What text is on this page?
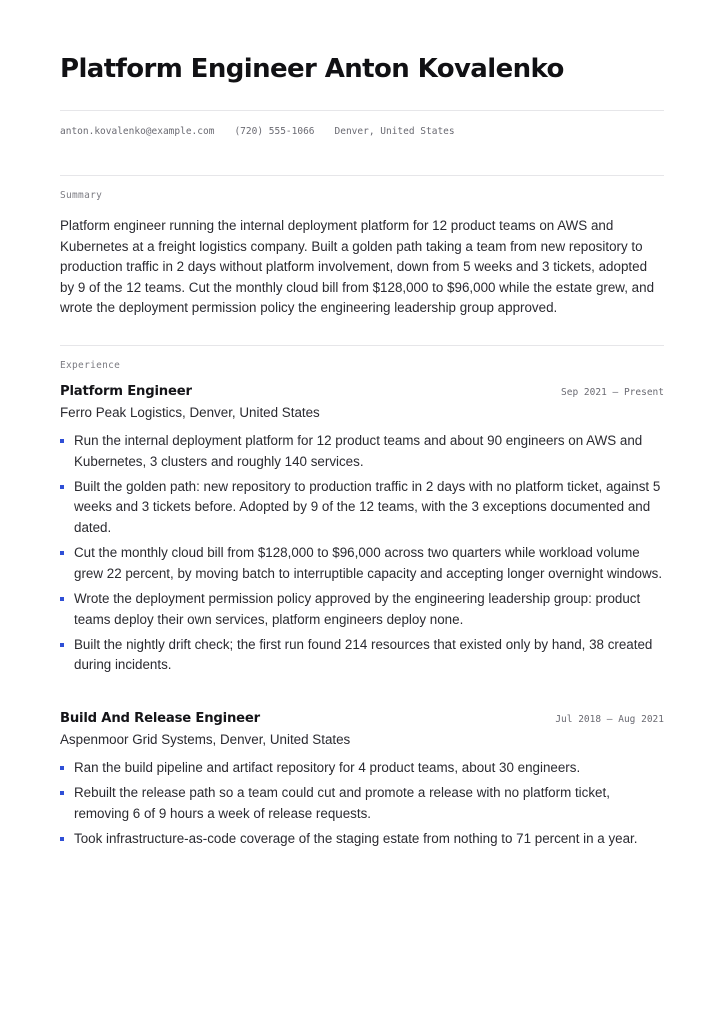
Platform Engineer Anton Kovalenko
anton.kovalenko@example.com (720) 555-1066 Denver, United States
Summary

Platform engineer running the internal deployment platform for 12 product teams on AWS and Kubernetes at a freight logistics company. Built a golden path taking a team from new repository to production traffic in 2 days without platform involvement, down from 5 weeks and 3 tickets, adopted by 9 of the 12 teams. Cut the monthly cloud bill from $128,000 to $96,000 while the estate grew, and wrote the deployment permission policy the engineering leadership group approved.

Experience
Platform Engineer	Sep 2021 — Present
Ferro Peak Logistics, Denver, United States
Run the internal deployment platform for 12 product teams and about 90 engineers on AWS and Kubernetes, 3 clusters and roughly 140 services.
Built the golden path: new repository to production traffic in 2 days with no platform ticket, against 5 weeks and 3 tickets before. Adopted by 9 of the 12 teams, with the 3 exceptions documented and dated.
Cut the monthly cloud bill from $128,000 to $96,000 across two quarters while workload volume grew 22 percent, by moving batch to interruptible capacity and accepting longer overnight windows.
Wrote the deployment permission policy approved by the engineering leadership group: product teams deploy their own services, platform engineers deploy none.
Built the nightly drift check; the first run found 214 resources that existed only by hand, 38 created during incidents.
Build And Release Engineer	Jul 2018 — Aug 2021
Aspenmoor Grid Systems, Denver, United States
Ran the build pipeline and artifact repository for 4 product teams, about 30 engineers.
Rebuilt the release path so a team could cut and promote a release with no platform ticket, removing 6 of 9 hours a week of release requests.
Took infrastructure-as-code coverage of the staging estate from nothing to 71 percent in a year.
